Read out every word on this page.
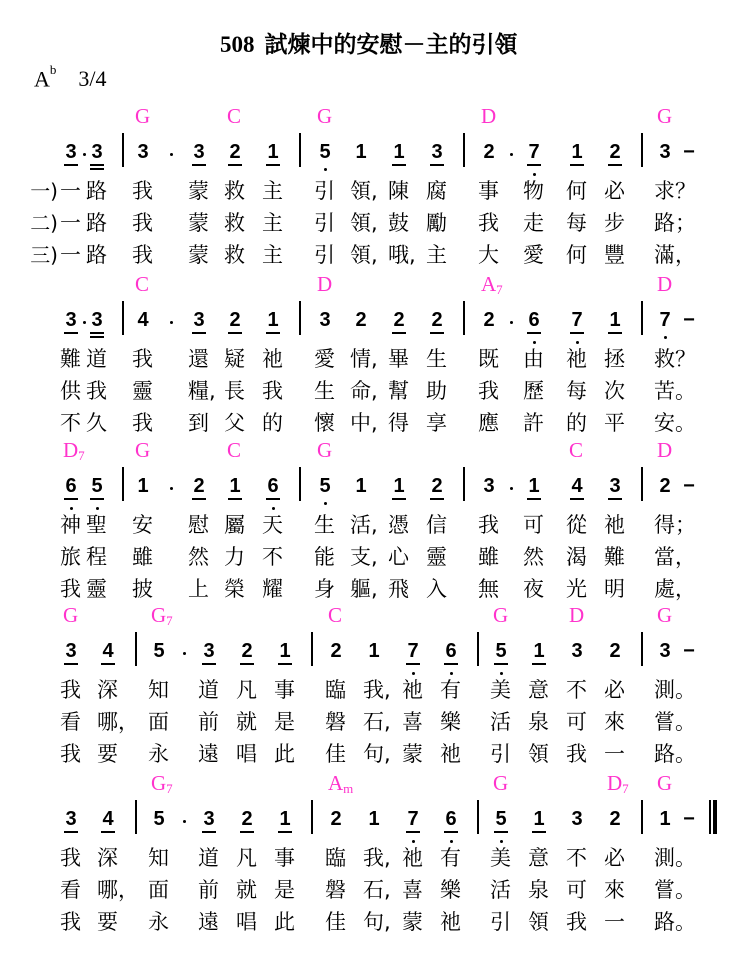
508 試煉中的安慰－主的引領
$A^b$ 3/4
3 3 3 3 2 1 5 1 1 3 2 7 1 2 3 −
G	C	G	D	G
一) 一 路 我 蒙 救 主 引 領, 陳 腐 事 物 何 必 求？
二) 一 路 我 蒙 救 主 引 領, 鼓 勵 我 走 每 步 路；
三) 一 路 我 蒙 救 主 引 領, 哦, 主 大 愛 何 豐 滿，
3 3 4 3 2 1 3 2 2 2 2 6 7 1 7 −
C	D	$A_7$	D
難 道 我 還 疑 祂 愛 情, 畢 生 既 由 祂 拯 救？
供 我 靈 糧, 長 我 生 命, 幫 助 我 歷 每 次 苦。
不 久 我 到 父 的 懷 中, 得 享 應 許 的 平 安。
6 5 1 2 1 6 5 1 1 2 3 1 4 3 2 −
$D_7$ G	C	G	C	D
神 聖 安 慰 屬 天 生 活, 憑 信 我 可 從 祂 得；
旅 程 雖 然 力 不 能 支, 心 靈 雖 然 渴 難 當，
我 靈 披 上 榮 耀 身 軀, 飛 入 無 夜 光 明 處，
3 4 5 3 2 1 2 1 7 6 5 1 3 2 3 −
G	$G_7$	C	G	D	G
我 深 知 道 凡 事 臨 我, 祂 有 美 意 不 必 測。
看 哪， 面 前 就 是 磐 石, 喜 樂 活 泉 可 來 嘗。
我 要 永 遠 唱 此 佳 句, 蒙 祂 引 領 我 一 路。
3 4 5 3 2 1 2 1 7 6 5 1 3 2 1 −
$G_7$	$A_m$	G	$D_7$ G
我 深 知 道 凡 事 臨 我, 祂 有 美 意 不 必 測。
看 哪， 面 前 就 是 磐 石, 喜 樂 活 泉 可 來 嘗。
我 要 永 遠 唱 此 佳 句, 蒙 祂 引 領 我 一 路。
